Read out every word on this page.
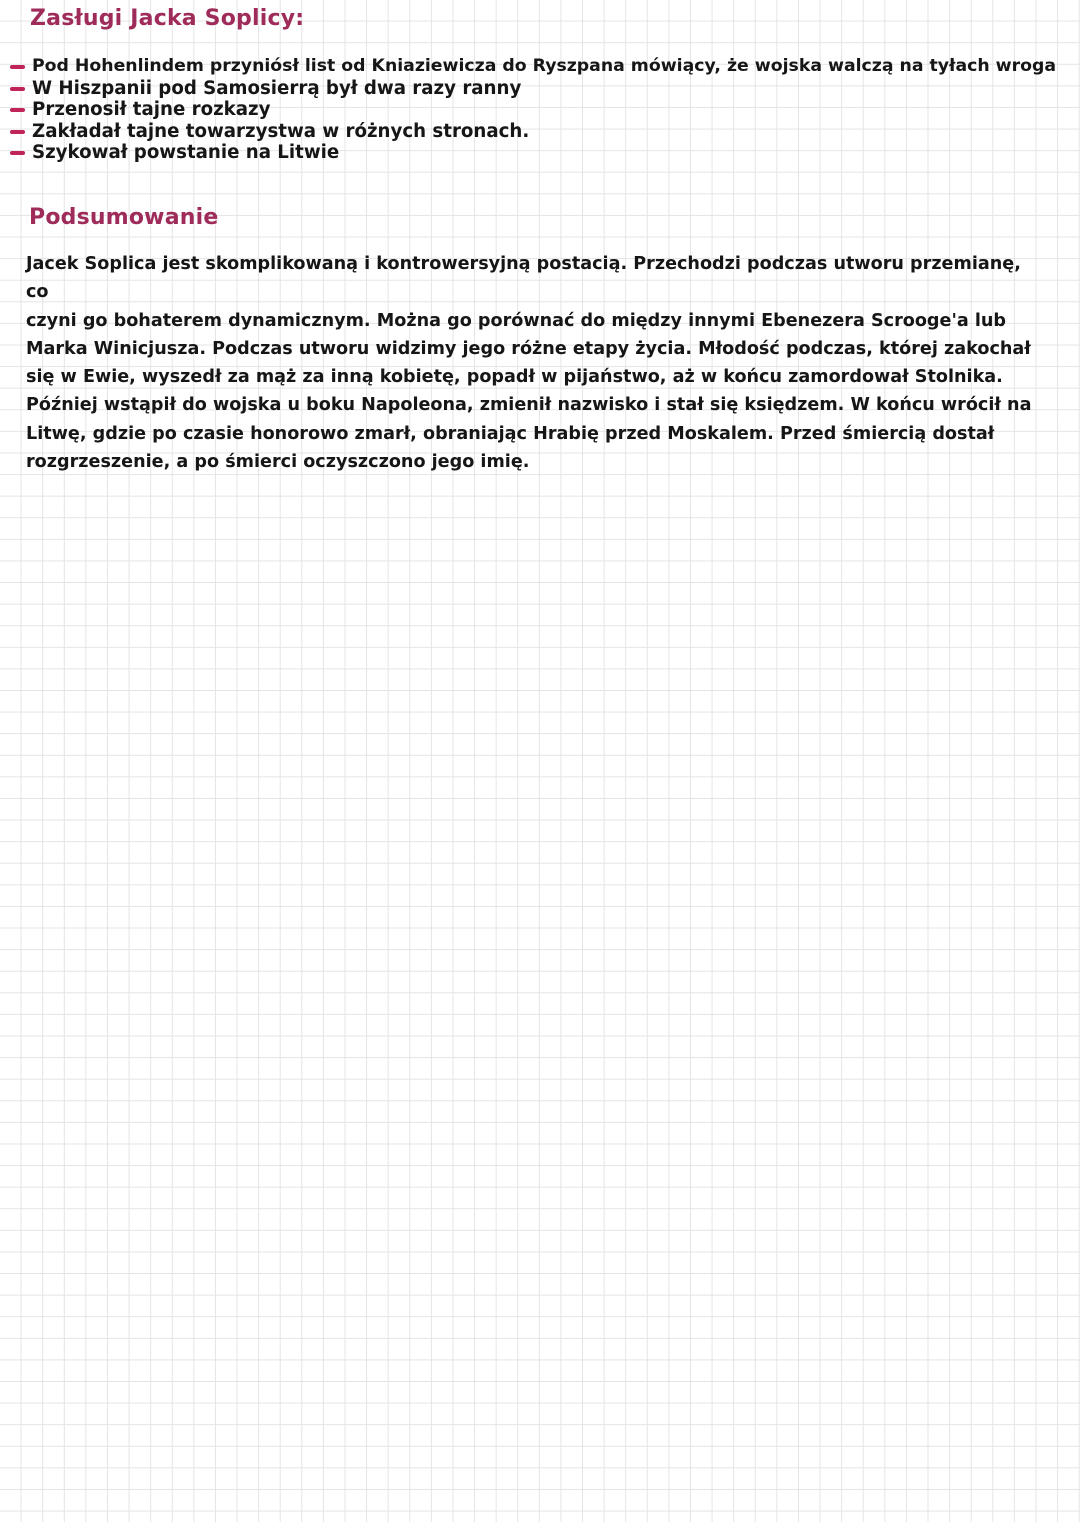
Zasługi Jacka Soplicy:
Pod Hohenlindem przyniósł list od Kniaziewicza do Ryszpana mówiący, że wojska walczą na tyłach wroga
W Hiszpanii pod Samosierrą był dwa razy ranny
Przenosił tajne rozkazy
Zakładał tajne towarzystwa w różnych stronach.
Szykował powstanie na Litwie
Podsumowanie

Jacek Soplica jest skomplikowaną i kontrowersyjną postacią. Przechodzi podczas utworu przemianę, co
czyni go bohaterem dynamicznym. Można go porównać do między innymi Ebenezera Scrooge'a lub
Marka Winicjusza. Podczas utworu widzimy jego różne etapy życia. Młodość podczas, której zakochał
się w Ewie, wyszedł za mąż za inną kobietę, popadł w pijaństwo, aż w końcu zamordował Stolnika.
Później wstąpił do wojska u boku Napoleona, zmienił nazwisko i stał się księdzem. W końcu wrócił na
Litwę, gdzie po czasie honorowo zmarł, obraniając Hrabię przed Moskalem. Przed śmiercią dostał
rozgrzeszenie, a po śmierci oczyszczono jego imię.
